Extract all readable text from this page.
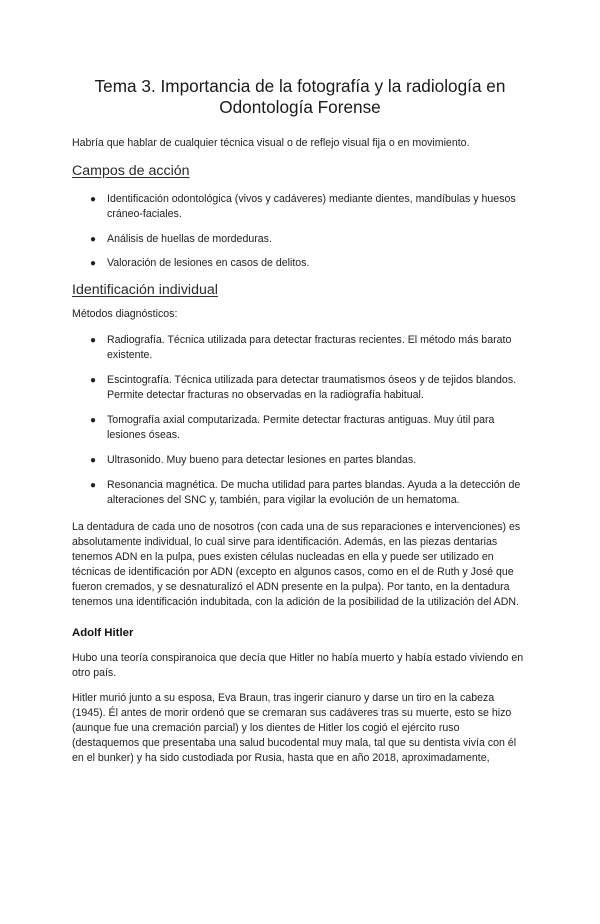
Tema 3. Importancia de la fotografía y la radiología en
Odontología Forense

Habría que hablar de cualquier técnica visual o de reflejo visual fija o en movimiento.

Campos de acción
● Identificación odontológica (vivos y cadáveres) mediante dientes, mandíbulas y huesos cráneo-faciales.
● Análisis de huellas de mordeduras.
● Valoración de lesiones en casos de delitos.
Identificación individual

Métodos diagnósticos:

● Radiografía. Técnica utilizada para detectar fracturas recientes. El método más barato existente.
● Escintografía. Técnica utilizada para detectar traumatismos óseos y de tejidos blandos. Permite detectar fracturas no observadas en la radiografía habitual.
● Tomografía axial computarizada. Permite detectar fracturas antiguas. Muy útil para lesiones óseas.
● Ultrasonido. Muy bueno para detectar lesiones en partes blandas.
● Resonancia magnética. De mucha utilidad para partes blandas. Ayuda a la detección de alteraciones del SNC y, también, para vigilar la evolución de un hematoma.

La dentadura de cada uno de nosotros (con cada una de sus reparaciones e intervenciones) es absolutamente individual, lo cual sirve para identificación. Además, en las piezas dentarias tenemos ADN en la pulpa, pues existen células nucleadas en ella y puede ser utilizado en técnicas de identificación por ADN (excepto en algunos casos, como en el de Ruth y José que fueron cremados, y se desnaturalizó el ADN presente en la pulpa). Por tanto, en la dentadura tenemos una identificación indubitada, con la adición de la posibilidad de la utilización del ADN.

Adolf Hitler

Hubo una teoría conspiranoica que decía que Hitler no había muerto y había estado viviendo en otro país.

Hitler murió junto a su esposa, Eva Braun, tras ingerir cianuro y darse un tiro en la cabeza (1945). Él antes de morir ordenó que se cremaran sus cadáveres tras su muerte, esto se hizo (aunque fue una cremación parcial) y los dientes de Hitler los cogió el ejército ruso (destaquemos que presentaba una salud bucodental muy mala, tal que su dentista vivía con él en el bunker) y ha sido custodiada por Rusia, hasta que en año 2018, aproximadamente,
